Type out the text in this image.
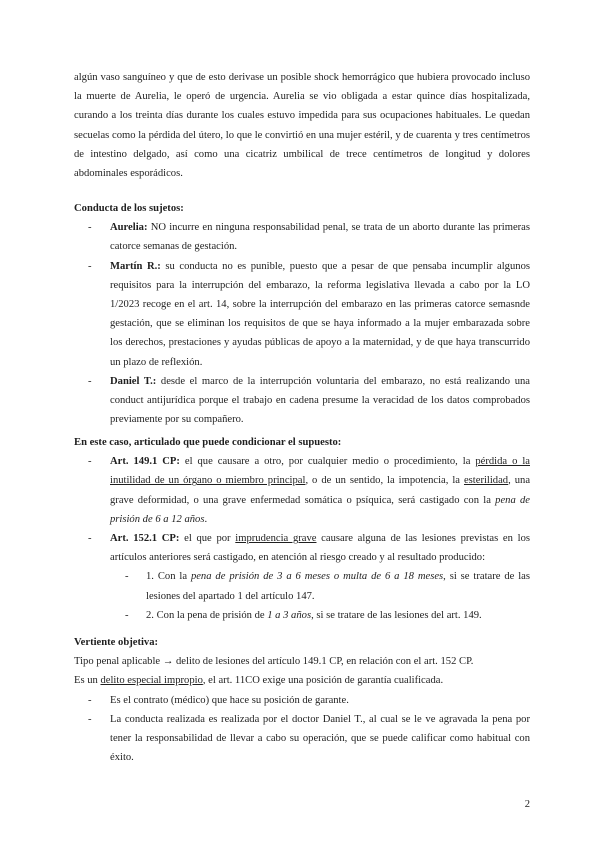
algún vaso sanguíneo y que de esto derivase un posible shock hemorrágico que hubiera provocado incluso la muerte de Aurelia, le operó de urgencia. Aurelia se vio obligada a estar quince días hospitalizada, curando a los treinta días durante los cuales estuvo impedida para sus ocupaciones habituales. Le quedan secuelas como la pérdida del útero, lo que le convirtió en una mujer estéril, y de cuarenta y tres centímetros de intestino delgado, así como una cicatriz umbilical de trece centímetros de longitud y dolores abdominales esporádicos.

Conducta de los sujetos:

- Aurelia: NO incurre en ninguna responsabilidad penal, se trata de un aborto durante las primeras catorce semanas de gestación.
- Martín R.: su conducta no es punible, puesto que a pesar de que pensaba incumplir algunos requisitos para la interrupción del embarazo, la reforma legislativa llevada a cabo por la LO 1/2023 recoge en el art. 14, sobre la interrupción del embarazo en las primeras catorce semasnde gestación, que se eliminan los requisitos de que se haya informado a la mujer embarazada sobre los derechos, prestaciones y ayudas públicas de apoyo a la maternidad, y de que haya transcurrido un plazo de reflexión.
- Daniel T.: desde el marco de la interrupción voluntaria del embarazo, no está realizando una conduct antijurídica porque el trabajo en cadena presume la veracidad de los datos comprobados previamente por su compañero.

En este caso, articulado que puede condicionar el supuesto:

- Art. 149.1 CP: el que causare a otro, por cualquier medio o procedimiento, la pérdida o la inutilidad de un órgano o miembro principal, o de un sentido, la impotencia, la esterilidad, una grave deformidad, o una grave enfermedad somática o psíquica, será castigado con la pena de prisión de 6 a 12 años.
- Art. 152.1 CP: el que por imprudencia grave causare alguna de las lesiones previstas en los artículos anteriores será castigado, en atención al riesgo creado y al resultado producido:
- 1. Con la pena de prisión de 3 a 6 meses o multa de 6 a 18 meses, si se tratare de las lesiones del apartado 1 del artículo 147.
- 2. Con la pena de prisión de 1 a 3 años, si se tratare de las lesiones del art. 149.

Vertiente objetiva:

Tipo penal aplicable → delito de lesiones del artículo 149.1 CP, en relación con el art. 152 CP.

Es un delito especial impropio, el art. 11CO exige una posición de garantía cualificada.

- Es el contrato (médico) que hace su posición de garante.
- La conducta realizada es realizada por el doctor Daniel T., al cual se le ve agravada la pena por tener la responsabilidad de llevar a cabo su operación, que se puede calificar como habitual con éxito.
2
